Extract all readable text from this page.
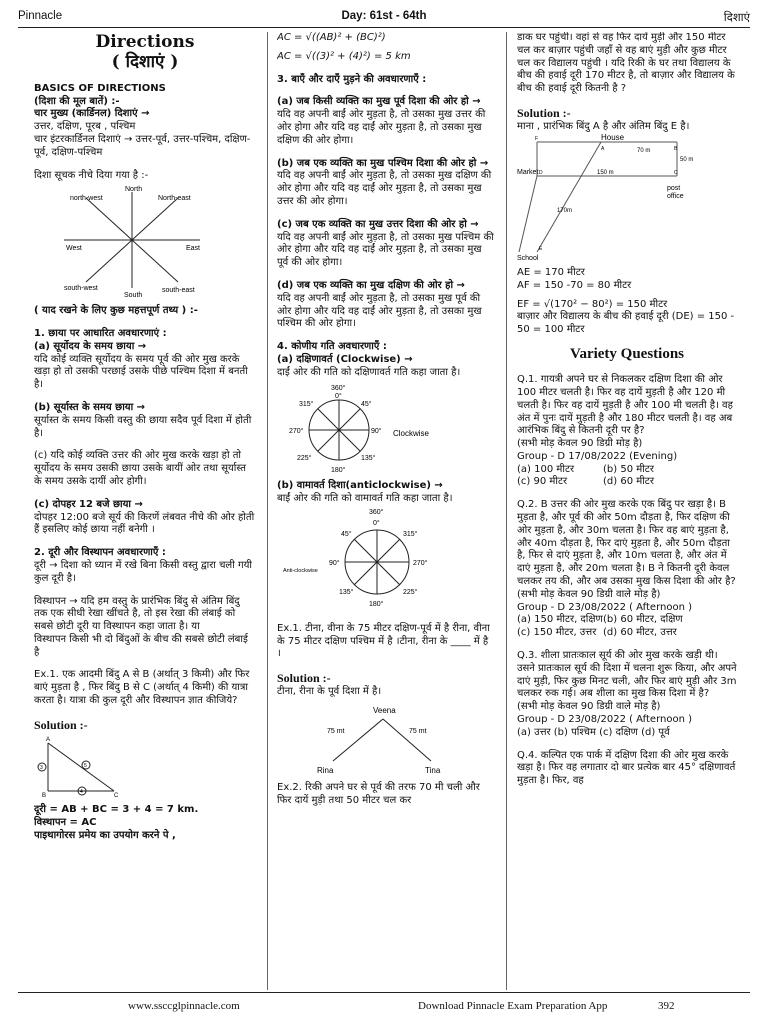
Pinnacle	Day: 61st - 64th	दिशाएं
Directions
( दिशाएं )

BASICS OF DIRECTIONS

(दिशा की मूल बातें) :-

चार मुख्य (कार्डिनल) दिशाएं →

उत्तर, दक्षिण, पूरब , पश्चिम

चार इंटरकार्डिनल दिशाएं → उत्तर-पूर्व, उत्तर-पश्चिम, दक्षिण-पूर्व, दक्षिण-पश्चिम

दिशा सूचक नीचे दिया गया है :-

North
North-east
north-west
East
West
South
south-east
south-west

( याद रखने के लिए कुछ महत्तपूर्ण तथ्य ) :-

1. छाया पर आधारित अवधारणाएं :

(a) सूर्योदय के समय छाया →

यदि कोई व्यक्ति सूर्योदय के समय पूर्व की ओर मुख करके खड़ा हो तो उसकी परछाई उसके पीछे पश्चिम दिशा में बनती है।

(b) सूर्यास्त के समय छाया →

सूर्यास्त के समय किसी वस्तु की छाया सदैव पूर्व दिशा में होती है।

(c) यदि कोई व्यक्ति उत्तर की ओर मुख करके खड़ा हो तो सूर्योदय के समय उसकी छाया उसके बायीं ओर तथा सूर्यास्त के समय उसके दायीं ओर होगी।

(c) दोपहर 12 बजे छाया →

दोपहर 12:00 बजे सूर्य की किरणें लंबवत नीचे की ओर होती हैं इसलिए कोई छाया नहीं बनेगी ।

2. दूरी और विस्थापन अवधारणाएँ :

दूरी → दिशा को ध्यान में रखे बिना किसी वस्तु द्वारा चली गयी कुल दूरी है।

विस्थापन → यदि हम वस्तु के प्रारंभिक बिंदु से अंतिम बिंदु तक एक सीधी रेखा खींचते है, तो इस रेखा की लंबाई को सबसे छोटी दूरी या विस्थापन कहा जाता है। या

विस्थापन किसी भी दो बिंदुओं के बीच की सबसे छोटी लंबाई है

Ex.1. एक आदमी बिंदु A से B (अर्थात् 3 किमी) और फिर बाएं मुड़ता है , फिर बिंदु B से C (अर्थात् 4 किमी) की यात्रा करता है। यात्रा की कुल दूरी और विस्थापन ज्ञात कीजिये?

Solution :-

A
B	C
3
4
5

दूरी = AB + BC = 3 + 4 = 7 km.

विस्थापन = AC

पाइथागोरस प्रमेय का उपयोग करने पे ,

AC = √((AB)² + (BC)²)

AC = √((3)² + (4)²) = 5 km

3. बाएँ और दाएँ मुड़ने की अवधारणाएँ :

(a) जब किसी व्यक्ति का मुख पूर्व दिशा की ओर हो →

यदि वह अपनी बाईं ओर मुड़ता है, तो उसका मुख उत्तर की ओर होगा और यदि वह दाईं ओर मुड़ता है, तो उसका मुख दक्षिण की ओर होगा।

(b) जब एक व्यक्ति का मुख पश्चिम दिशा की ओर हो →

यदि वह अपनी बाईं ओर मुड़ता है, तो उसका मुख दक्षिण की ओर होगा और यदि वह दाईं ओर मुड़ता है, तो उसका मुख उत्तर की ओर होगा।

(c) जब एक व्यक्ति का मुख उत्तर दिशा की ओर हो →

यदि वह अपनी बाईं ओर मुड़ता है, तो उसका मुख पश्चिम की ओर होगा और यदि वह दाईं ओर मुड़ता है, तो उसका मुख पूर्व की ओर होगा।

(d) जब एक व्यक्ति का मुख दक्षिण की ओर हो →

यदि वह अपनी बाईं ओर मुड़ता है, तो उसका मुख पूर्व की ओर होगा और यदि वह दाईं ओर मुड़ता है, तो उसका मुख पश्चिम की ओर होगा।

4. कोणीय गति अवधारणाएँ :

(a) दक्षिणावर्त (Clockwise) →

दाईं ओर की गति को दक्षिणावर्त गति कहा जाता है।

360°
0°
45°
90°
135°
180°
225°
270°
315°
Clockwise

(b) वामावर्त दिशा(anticlockwise) →

बाईं ओर की गति को वामावर्त गति कहा जाता है।

360°
0°
45°
90°
135°
180°
225°
270°
315°
Anti-clockwise

Ex.1. टीना, वीना के 75 मीटर दक्षिण-पूर्व में है रीना, वीना के 75 मीटर दक्षिण पश्चिम में है ।टीना, रीना के ____ में है ।

Solution :-

टीना, रीना के पूर्व दिशा में है।

Veena
Rina	Tina
75 mt	75 mt

Ex.2. रिकी अपने घर से पूर्व की तरफ 70 मी चली और फिर दायें मुड़ी तथा 50 मीटर चल कर

डाक घर पहुंची। वहां से वह फिर दायें मुड़ी और 150 मीटर चल कर बाज़ार पहुंची जहाँ से वह बाएं मुड़ी और कुछ मीटर चल कर विद्यालय पहुंची । यदि रिकी के घर तथा विद्यालय के बीच की हवाई दूरी 170 मीटर है, तो बाज़ार और विद्यालय के बीच की हवाई दूरी कितनी है ?

Solution :-

माना , प्रारंभिक बिंदु A है और अंतिम बिंदु E है।

House
Market
School
post
office
70 m
50 m
150 m
170m
A	B
C
D
E
F

AE = 170 मीटर

AF = 150 -70 = 80 मीटर

EF = √(170² − 80²) = 150 मीटर

बाज़ार और विद्यालय के बीच की हवाई दूरी (DE) = 150 - 50 = 100 मीटर

Variety Questions

Q.1. गायत्री अपने घर से निकलकर दक्षिण दिशा की ओर 100 मीटर चलती है। फिर वह दायें मुड़ती है और 120 मी चलती है। फिर वह दायें मुड़ती है और 100 मी चलती है। वह अंत में पुनः दायें मुड़ती है और 180 मीटर चलती है। वह अब आरंभिक बिंदु से कितनी दूरी पर है?

(सभी मोड़ केवल 90 डिग्री मोड़ है)

Group - D 17/08/2022 (Evening)

(a) 100 मीटर	(b) 50 मीटर
(c) 90 मीटर	(d) 60 मीटर

Q.2. B उत्तर की ओर मुख करके एक बिंदु पर खड़ा है। B मुड़ता है, और पूर्व की ओर 50m दौड़ता है, फिर दक्षिण की ओर मुड़ता है, और 30m चलता है। फिर वह बाएं मुड़ता है, और 40m दौड़ता है, फिर दाएं मुड़ता है, और 50m दौड़ता है, फिर से दाएं मुड़ता है, और 10m चलता है, और अंत में दाएं मुड़ता है, और 20m चलता है। B ने कितनी दूरी केवल चलकर तय की, और अब उसका मुख किस दिशा की ओर है?

(सभी मोड़ केवल 90 डिग्री वाले मोड़ है)

Group - D 23/08/2022 ( Afternoon )

(a) 150 मीटर, दक्षिण (b) 60 मीटर, दक्षिण
(c) 150 मीटर, उत्तर (d) 60 मीटर, उत्तर

Q.3. शीला प्रातःकाल सूर्य की ओर मुख करके खड़ी थी। उसने प्रातःकाल सूर्य की दिशा में चलना शुरू किया, और अपने दाएं मुड़ी, फिर कुछ मिनट चली, और फिर बाएं मुड़ी और 3m चलकर रुक गई। अब शीला का मुख किस दिशा में है?

(सभी मोड़ केवल 90 डिग्री वाले मोड़ है)

Group - D 23/08/2022 ( Afternoon )

(a) उत्तर (b) पश्चिम (c) दक्षिण (d) पूर्व

Q.4. कल्पित एक पार्क में दक्षिण दिशा की ओर मुख करके खड़ा है। फिर वह लगातार दो बार प्रत्येक बार 45° दक्षिणावर्त मुड़ता है। फिर, वह

www.ssccglpinnacle.com	Download Pinnacle Exam Preparation App	392
